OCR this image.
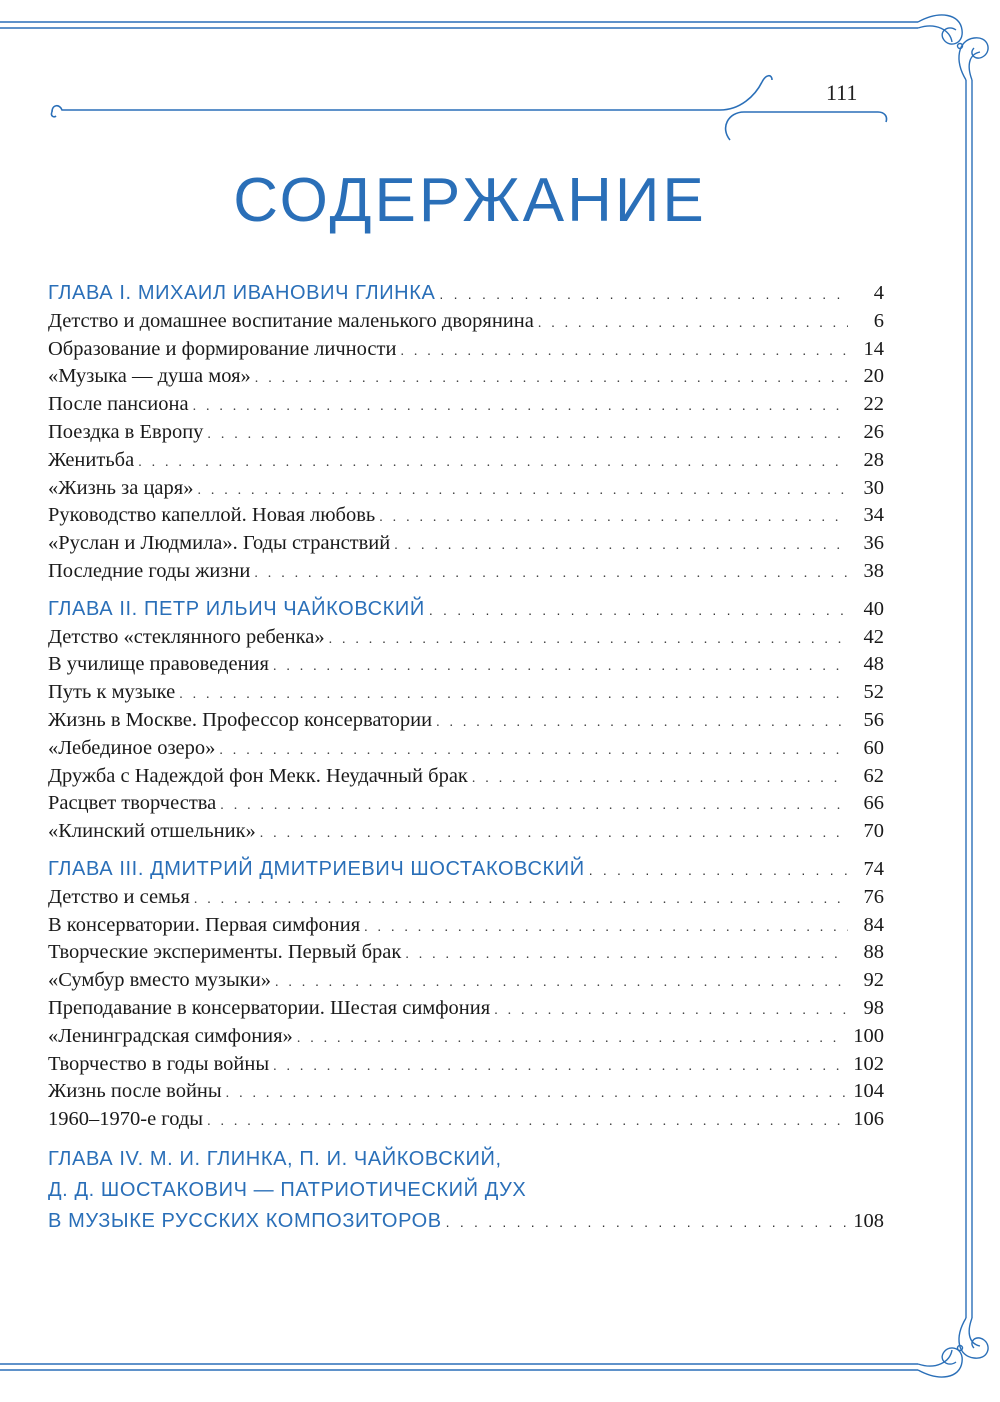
111
СОДЕРЖАНИЕ
ГЛАВА I. МИХАИЛ ИВАНОВИЧ ГЛИНКА . . .	4
Детство и домашнее воспитание маленького дворянина . . .	6
Образование и формирование личности . . .	14
«Музыка — душа моя» . . .	20
После пансиона . . .	22
Поездка в Европу . . .	26
Женитьба . . .	28
«Жизнь за царя» . . .	30
Руководство капеллой. Новая любовь . . .	34
«Руслан и Людмила». Годы странствий . . .	36
Последние годы жизни . . .	38
ГЛАВА II. ПЕТР ИЛЬИЧ ЧАЙКОВСКИЙ . . .	40
Детство «стеклянного ребенка» . . .	42
В училище правоведения . . .	48
Путь к музыке . . .	52
Жизнь в Москве. Профессор консерватории . . .	56
«Лебединое озеро» . . .	60
Дружба с Надеждой фон Мекк. Неудачный брак . . .	62
Расцвет творчества . . .	66
«Клинский отшельник» . . .	70
ГЛАВА III. ДМИТРИЙ ДМИТРИЕВИЧ ШОСТАКОВСКИЙ . . .	74
Детство и семья . . .	76
В консерватории. Первая симфония . . .	84
Творческие эксперименты. Первый брак . . .	88
«Сумбур вместо музыки» . . .	92
Преподавание в консерватории. Шестая симфония . . .	98
«Ленинградская симфония» . . .	100
Творчество в годы войны . . .	102
Жизнь после войны . . .	104
1960–1970-е годы . . .	106
ГЛАВА IV. М. И. ГЛИНКА, П. И. ЧАЙКОВСКИЙ,
Д. Д. ШОСТАКОВИЧ — ПАТРИОТИЧЕСКИЙ ДУХ
В МУЗЫКЕ РУССКИХ КОМПОЗИТОРОВ . . .	108
